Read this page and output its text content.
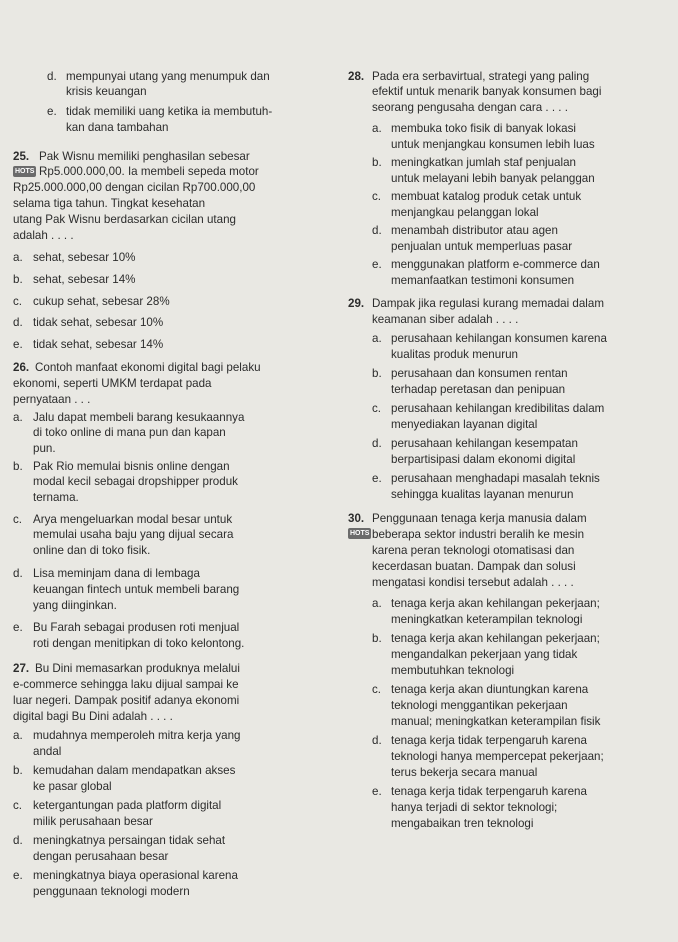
d. mempunyai utang yang menumpuk dan
krisis keuangan
e. tidak memiliki uang ketika ia membutuh-
kan dana tambahan
25.
HOTS
Pak Wisnu memiliki penghasilan sebesar
Rp5.000.000,00. Ia membeli sepeda motor
Rp25.000.000,00 dengan cicilan Rp700.000,00
selama tiga tahun. Tingkat kesehatan
utang Pak Wisnu berdasarkan cicilan utang
adalah . . . .
a. sehat, sebesar 10%
b. sehat, sebesar 14%
c. cukup sehat, sebesar 28%
d. tidak sehat, sebesar 10%
e. tidak sehat, sebesar 14%
26. Contoh manfaat ekonomi digital bagi pelaku
ekonomi, seperti UMKM terdapat pada
pernyataan . . .
a. Jalu dapat membeli barang kesukaannya
di toko online di mana pun dan kapan
pun.
b. Pak Rio memulai bisnis online dengan
modal kecil sebagai dropshipper produk
ternama.
c. Arya mengeluarkan modal besar untuk
memulai usaha baju yang dijual secara
online dan di toko fisik.
d. Lisa meminjam dana di lembaga
keuangan fintech untuk membeli barang
yang diinginkan.
e. Bu Farah sebagai produsen roti menjual
roti dengan menitipkan di toko kelontong.
27. Bu Dini memasarkan produknya melalui
e-commerce sehingga laku dijual sampai ke
luar negeri. Dampak positif adanya ekonomi
digital bagi Bu Dini adalah . . . .
a. mudahnya memperoleh mitra kerja yang
andal
b. kemudahan dalam mendapatkan akses
ke pasar global
c. ketergantungan pada platform digital
milik perusahaan besar
d. meningkatnya persaingan tidak sehat
dengan perusahaan besar
e. meningkatnya biaya operasional karena
penggunaan teknologi modern
28. Pada era serbavirtual, strategi yang paling
efektif untuk menarik banyak konsumen bagi
seorang pengusaha dengan cara . . . .
a. membuka toko fisik di banyak lokasi
untuk menjangkau konsumen lebih luas
b. meningkatkan jumlah staf penjualan
untuk melayani lebih banyak pelanggan
c. membuat katalog produk cetak untuk
menjangkau pelanggan lokal
d. menambah distributor atau agen
penjualan untuk memperluas pasar
e. menggunakan platform e-commerce dan
memanfaatkan testimoni konsumen
29. Dampak jika regulasi kurang memadai dalam
keamanan siber adalah . . . .
a. perusahaan kehilangan konsumen karena
kualitas produk menurun
b. perusahaan dan konsumen rentan
terhadap peretasan dan penipuan
c. perusahaan kehilangan kredibilitas dalam
menyediakan layanan digital
d. perusahaan kehilangan kesempatan
berpartisipasi dalam ekonomi digital
e. perusahaan menghadapi masalah teknis
sehingga kualitas layanan menurun
30.
HOTS
Penggunaan tenaga kerja manusia dalam
beberapa sektor industri beralih ke mesin
karena peran teknologi otomatisasi dan
kecerdasan buatan. Dampak dan solusi
mengatasi kondisi tersebut adalah . . . .
a. tenaga kerja akan kehilangan pekerjaan;
meningkatkan keterampilan teknologi
b. tenaga kerja akan kehilangan pekerjaan;
mengandalkan pekerjaan yang tidak
membutuhkan teknologi
c. tenaga kerja akan diuntungkan karena
teknologi menggantikan pekerjaan
manual; meningkatkan keterampilan fisik
d. tenaga kerja tidak terpengaruh karena
teknologi hanya mempercepat pekerjaan;
terus bekerja secara manual
e. tenaga kerja tidak terpengaruh karena
hanya terjadi di sektor teknologi;
mengabaikan tren teknologi
